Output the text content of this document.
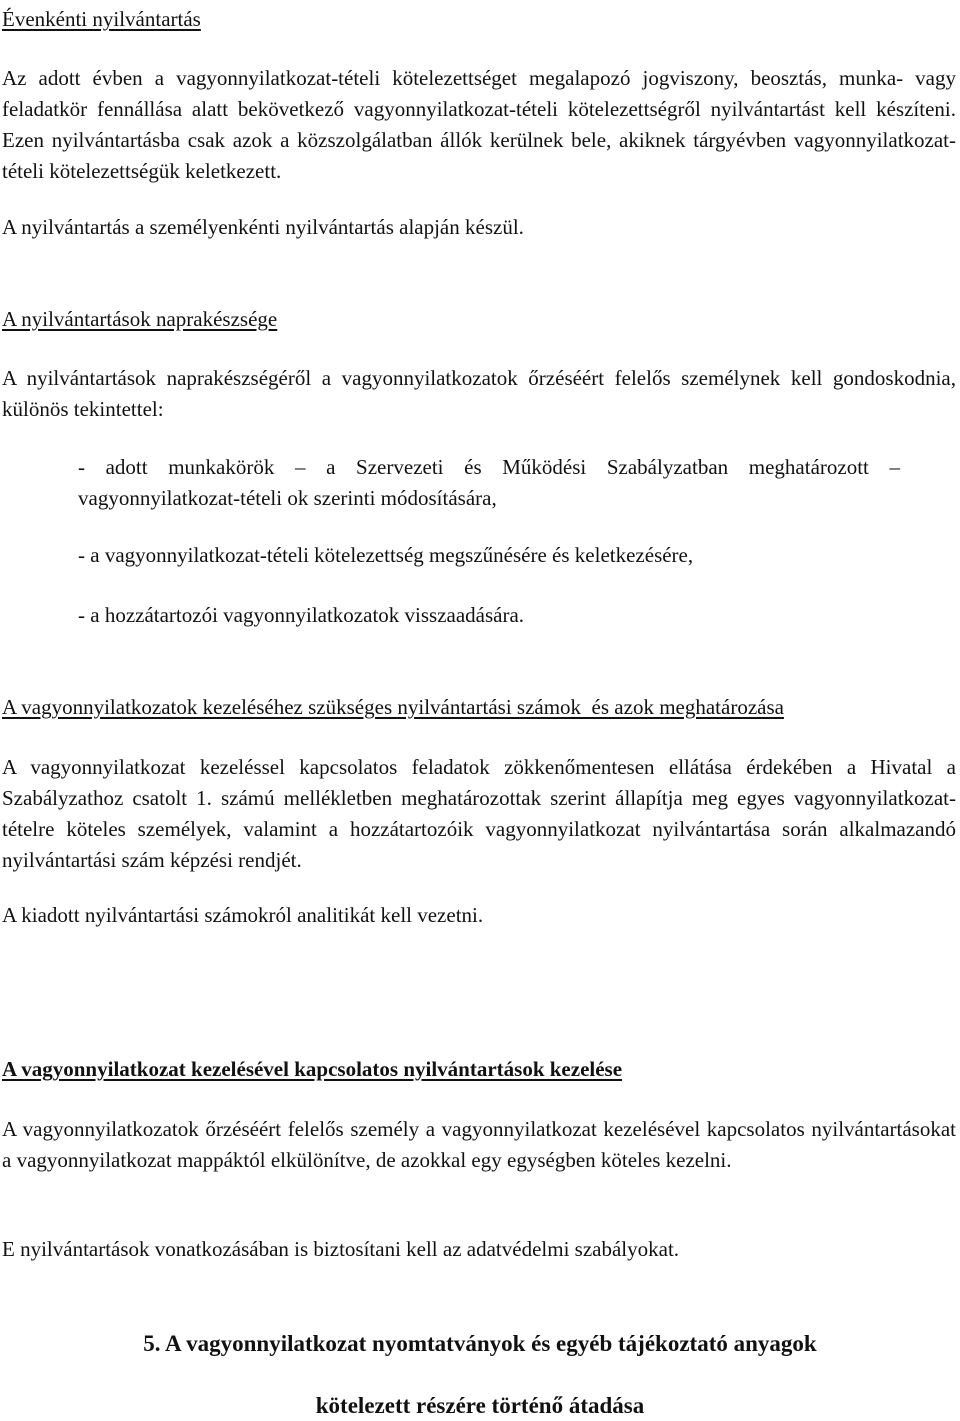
Évenkénti nyilvántartás

Az adott évben a vagyonnyilatkozat-tételi kötelezettséget megalapozó jogviszony, beosztás, munka- vagy feladatkör fennállása alatt bekövetkező vagyonnyilatkozat-tételi kötelezettségről nyilvántartást kell készíteni. Ezen nyilvántartásba csak azok a közszolgálatban állók kerülnek bele, akiknek tárgyévben vagyonnyilatkozat-tételi kötelezettségük keletkezett.

A nyilvántartás a személyenkénti nyilvántartás alapján készül.

A nyilvántartások naprakészsége

A nyilvántartások naprakészségéről a vagyonnyilatkozatok őrzéséért felelős személynek kell gondoskodnia, különös tekintettel:

- adott munkakörök – a Szervezeti és Működési Szabályzatban meghatározott – vagyonnyilatkozat-tételi ok szerinti módosítására,

- a vagyonnyilatkozat-tételi kötelezettség megszűnésére és keletkezésére,

- a hozzátartozói vagyonnyilatkozatok visszaadására.

A vagyonnyilatkozatok kezeléséhez szükséges nyilvántartási számok  és azok meghatározása

A vagyonnyilatkozat kezeléssel kapcsolatos feladatok zökkenőmentesen ellátása érdekében a Hivatal a Szabályzathoz csatolt 1. számú mellékletben meghatározottak szerint állapítja meg egyes vagyonnyilatkozat-tételre köteles személyek, valamint a hozzátartozóik vagyonnyilatkozat nyilvántartása során alkalmazandó nyilvántartási szám képzési rendjét.

A kiadott nyilvántartási számokról analitikát kell vezetni.

A vagyonnyilatkozat kezelésével kapcsolatos nyilvántartások kezelése

A vagyonnyilatkozatok őrzéséért felelős személy a vagyonnyilatkozat kezelésével kapcsolatos nyilvántartásokat a vagyonnyilatkozat mappáktól elkülönítve, de azokkal egy egységben köteles kezelni.

E nyilvántartások vonatkozásában is biztosítani kell az adatvédelmi szabályokat.

5. A vagyonnyilatkozat nyomtatványok és egyéb tájékoztató anyagok
kötelezett részére történő átadása
